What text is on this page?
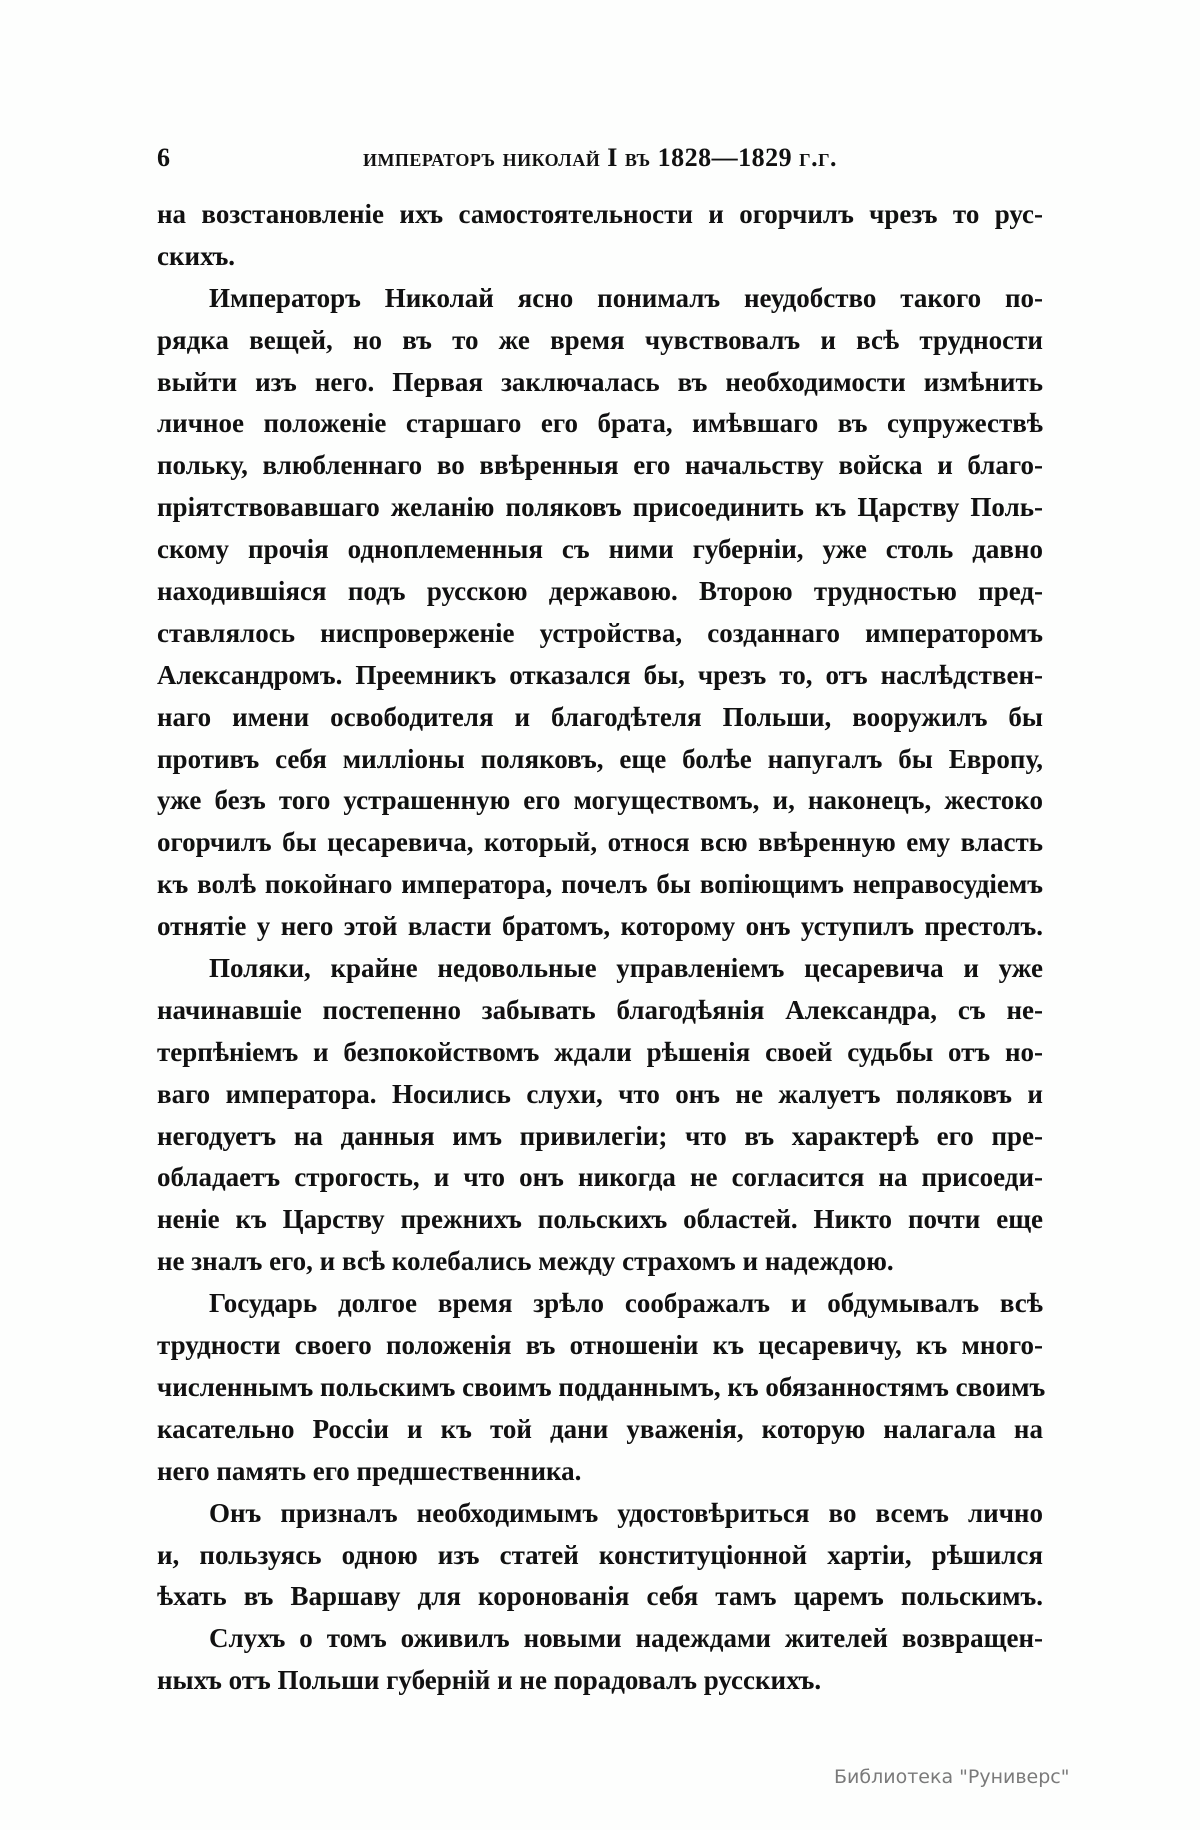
6	императоръ николай I въ 1828—1829 г.г.
на возстановленіе ихъ самостоятельности и огорчилъ чрезъ то рус-
скихъ.
Императоръ Николай ясно понималъ неудобство такого по-
рядка вещей, но въ то же время чувствовалъ и всѣ трудности
выйти изъ него. Первая заключалась въ необходимости измѣнить
личное положеніе старшаго его брата, имѣвшаго въ супружествѣ
польку, влюбленнаго во ввѣренныя его начальству войска и благо-
пріятствовавшаго желанію поляковъ присоединить къ Царству Поль-
скому прочія одноплеменныя съ ними губерніи, уже столь давно
находившіяся подъ русскою державою. Второю трудностью пред-
ставлялось ниспроверженіе устройства, созданнаго императоромъ
Александромъ. Преемникъ отказался бы, чрезъ то, отъ наслѣдствен-
наго имени освободителя и благодѣтеля Польши, вооружилъ бы
противъ себя милліоны поляковъ, еще болѣе напугалъ бы Европу,
уже безъ того устрашенную его могуществомъ, и, наконецъ, жестоко
огорчилъ бы цесаревича, который, относя всю ввѣренную ему власть
къ волѣ покойнаго императора, почелъ бы вопіющимъ неправосудіемъ
отнятіе у него этой власти братомъ, которому онъ уступилъ престолъ.
Поляки, крайне недовольные управленіемъ цесаревича и уже
начинавшіе постепенно забывать благодѣянія Александра, съ не-
терпѣніемъ и безпокойствомъ ждали рѣшенія своей судьбы отъ но-
ваго императора. Носились слухи, что онъ не жалуетъ поляковъ и
негодуетъ на данныя имъ привилегіи; что въ характерѣ его пре-
обладаетъ строгость, и что онъ никогда не согласится на присоеди-
неніе къ Царству прежнихъ польскихъ областей. Никто почти еще
не зналъ его, и всѣ колебались между страхомъ и надеждою.
Государь долгое время зрѣло соображалъ и обдумывалъ всѣ
трудности своего положенія въ отношеніи къ цесаревичу, къ много-
численнымъ польскимъ своимъ подданнымъ, къ обязанностямъ своимъ
касательно Россіи и къ той дани уваженія, которую налагала на
него память его предшественника.
Онъ призналъ необходимымъ удостовѣриться во всемъ лично
и, пользуясь одною изъ статей конституціонной хартіи, рѣшился
ѣхать въ Варшаву для коронованія себя тамъ царемъ польскимъ.
Слухъ о томъ оживилъ новыми надеждами жителей возвращен-
ныхъ отъ Польши губерній и не порадовалъ русскихъ.
Библиотека "Руниверс"
